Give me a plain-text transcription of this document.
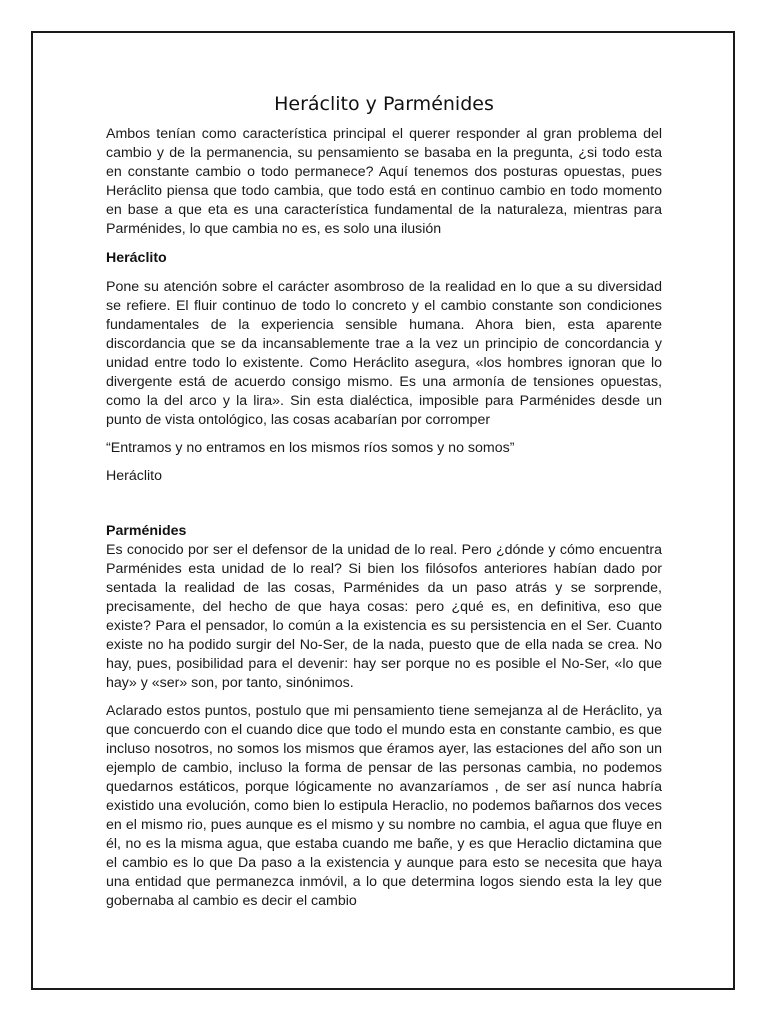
Heráclito y Parménides

Ambos tenían como característica principal el querer responder al gran problema del cambio y de la permanencia, su pensamiento se basaba en la pregunta, ¿si todo esta en constante cambio o todo permanece? Aquí tenemos dos posturas opuestas, pues Heráclito piensa que todo cambia, que todo está en continuo cambio en todo momento en base a que eta es una característica fundamental de la naturaleza, mientras para Parménides, lo que cambia no es, es solo una ilusión

Heráclito

Pone su atención sobre el carácter asombroso de la realidad en lo que a su diversidad se refiere. El fluir continuo de todo lo concreto y el cambio constante son condiciones fundamentales de la experiencia sensible humana. Ahora bien, esta aparente discordancia que se da incansablemente trae a la vez un principio de concordancia y unidad entre todo lo existente. Como Heráclito asegura, «los hombres ignoran que lo divergente está de acuerdo consigo mismo. Es una armonía de tensiones opuestas, como la del arco y la lira». Sin esta dialéctica, imposible para Parménides desde un punto de vista ontológico, las cosas acabarían por corromper

“Entramos y no entramos en los mismos ríos somos y no somos”

Heráclito

Parménides

Es conocido por ser el defensor de la unidad de lo real. Pero ¿dónde y cómo encuentra Parménides esta unidad de lo real? Si bien los filósofos anteriores habían dado por sentada la realidad de las cosas, Parménides da un paso atrás y se sorprende, precisamente, del hecho de que haya cosas: pero ¿qué es, en definitiva, eso que existe? Para el pensador, lo común a la existencia es su persistencia en el Ser. Cuanto existe no ha podido surgir del No-Ser, de la nada, puesto que de ella nada se crea. No hay, pues, posibilidad para el devenir: hay ser porque no es posible el No-Ser, «lo que hay» y «ser» son, por tanto, sinónimos.

Aclarado estos puntos, postulo que mi pensamiento tiene semejanza al de Heráclito, ya que concuerdo con el cuando dice que todo el mundo esta en constante cambio, es que incluso nosotros, no somos los mismos que éramos ayer, las estaciones del año son un ejemplo de cambio, incluso la forma de pensar de las personas cambia, no podemos quedarnos estáticos, porque lógicamente no avanzaríamos , de ser así nunca habría existido una evolución, como bien lo estipula Heraclio, no podemos bañarnos dos veces en el mismo rio, pues aunque es el mismo y su nombre no cambia, el agua que fluye en él, no es la misma agua, que estaba cuando me bañe, y es que Heraclio dictamina que el cambio es lo que Da paso a la existencia y aunque para esto se necesita que haya una entidad que permanezca inmóvil, a lo que determina logos siendo esta la ley que gobernaba al cambio es decir el cambio
